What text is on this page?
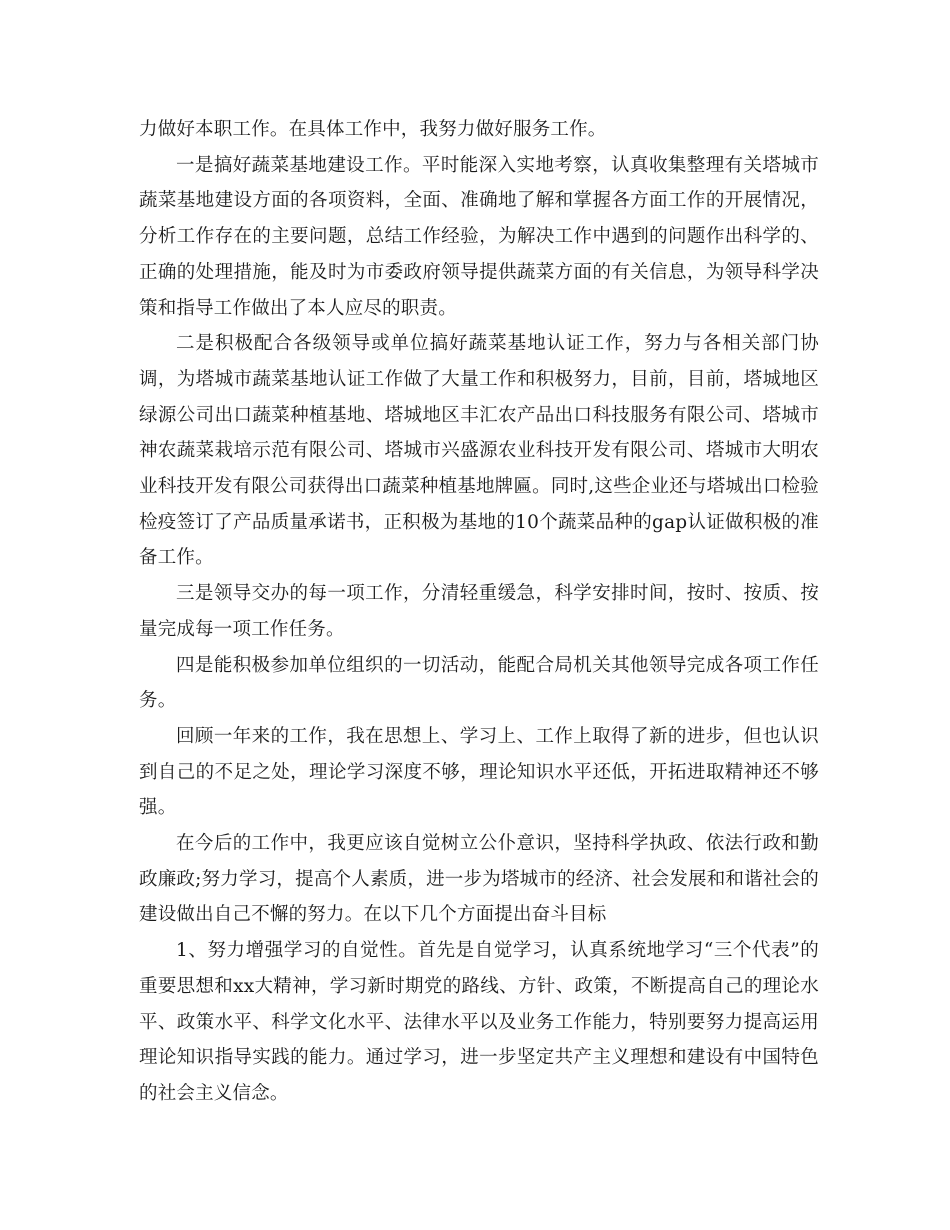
力做好本职工作。在具体工作中，我努力做好服务工作。

一是搞好蔬菜基地建设工作。平时能深入实地考察，认真收集整理有关塔城市蔬菜基地建设方面的各项资料，全面、准确地了解和掌握各方面工作的开展情况，分析工作存在的主要问题，总结工作经验，为解决工作中遇到的问题作出科学的、正确的处理措施，能及时为市委政府领导提供蔬菜方面的有关信息，为领导科学决策和指导工作做出了本人应尽的职责。

二是积极配合各级领导或单位搞好蔬菜基地认证工作，努力与各相关部门协调，为塔城市蔬菜基地认证工作做了大量工作和积极努力，目前，目前，塔城地区绿源公司出口蔬菜种植基地、塔城地区丰汇农产品出口科技服务有限公司、塔城市神农蔬菜栽培示范有限公司、塔城市兴盛源农业科技开发有限公司、塔城市大明农业科技开发有限公司获得出口蔬菜种植基地牌匾。同时,这些企业还与塔城出口检验检疫签订了产品质量承诺书，正积极为基地的10个蔬菜品种的gap认证做积极的准备工作。

三是领导交办的每一项工作，分清轻重缓急，科学安排时间，按时、按质、按量完成每一项工作任务。

四是能积极参加单位组织的一切活动，能配合局机关其他领导完成各项工作任务。

回顾一年来的工作，我在思想上、学习上、工作上取得了新的进步，但也认识到自己的不足之处，理论学习深度不够，理论知识水平还低，开拓进取精神还不够强。

在今后的工作中，我更应该自觉树立公仆意识，坚持科学执政、依法行政和勤政廉政;努力学习，提高个人素质，进一步为塔城市的经济、社会发展和和谐社会的建设做出自己不懈的努力。在以下几个方面提出奋斗目标

1、努力增强学习的自觉性。首先是自觉学习，认真系统地学习“三个代表”的重要思想和xx大精神，学习新时期党的路线、方针、政策，不断提高自己的理论水平、政策水平、科学文化水平、法律水平以及业务工作能力，特别要努力提高运用理论知识指导实践的能力。通过学习，进一步坚定共产主义理想和建设有中国特色的社会主义信念。
